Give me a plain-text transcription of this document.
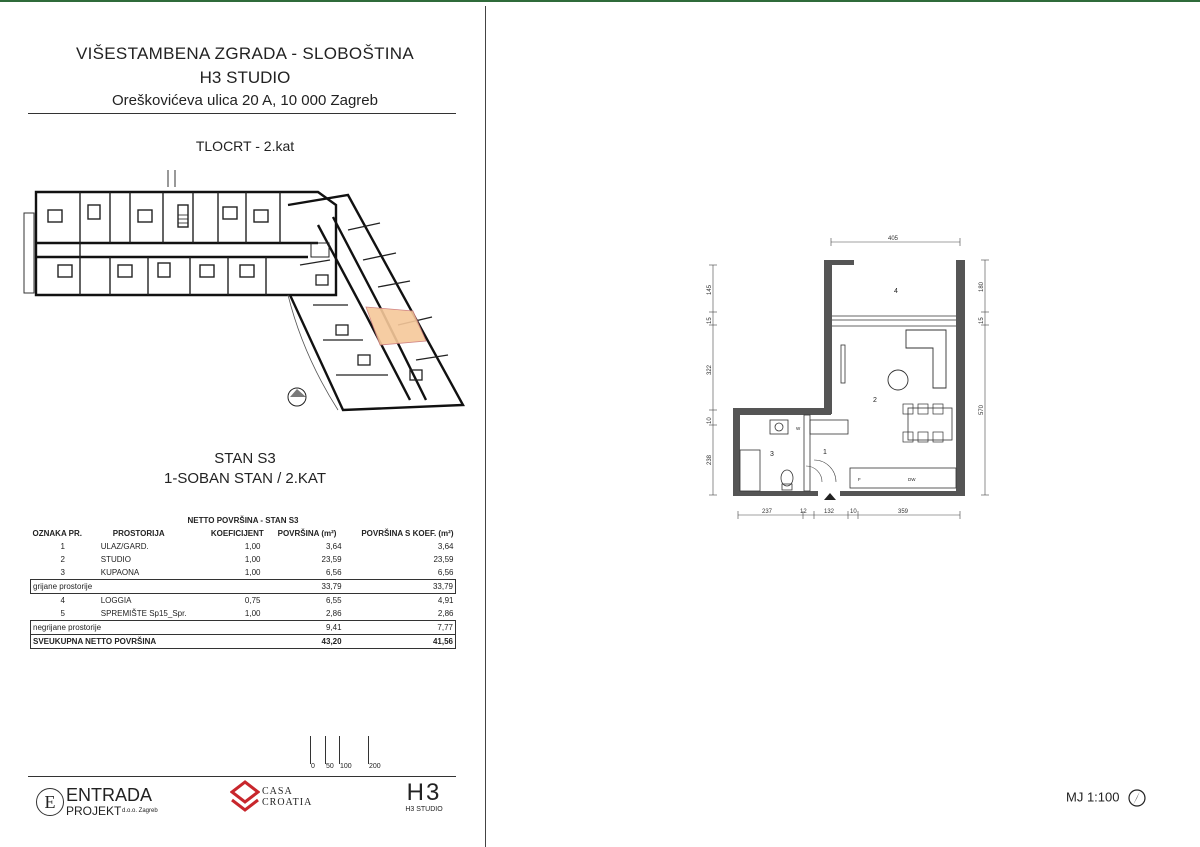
VIŠESTAMBENA ZGRADA - SLOBOŠTINA
H3 STUDIO
Oreškovićeva ulica 20 A, 10 000 Zagreb
TLOCRT - 2.kat
STAN S3
1-SOBAN STAN / 2.KAT
NETTO POVRŠINA - STAN S3				
OZNAKA PR.	PROSTORIJA	KOEFICIJENT	POVRŠINA (m²)	POVRŠINA S KOEF. (m²)
1	ULAZ/GARD.	1,00	3,64	3,64
2	STUDIO	1,00	23,59	23,59
3	KUPAONA	1,00	6,56	6,56
grijane prostorije			33,79	33,79
4	LOGGIA	0,75	6,55	4,91
5	SPREMIŠTE Sp15_Spr.	1,00	2,86	2,86
negrijane prostorije			9,41	7,77
SVEUKUPNA NETTO POVRŠINA			43,20	41,56
0 50 100 200
E ENTRADA
PROJEKT d.o.o. Zagreb
CASA
CROATIA	H3
H3 STUDIO
405
237	12	132	10	359
145
15
322
10
238
180
15
570
4
2
3	1
W
F	DW
MJ 1:100
